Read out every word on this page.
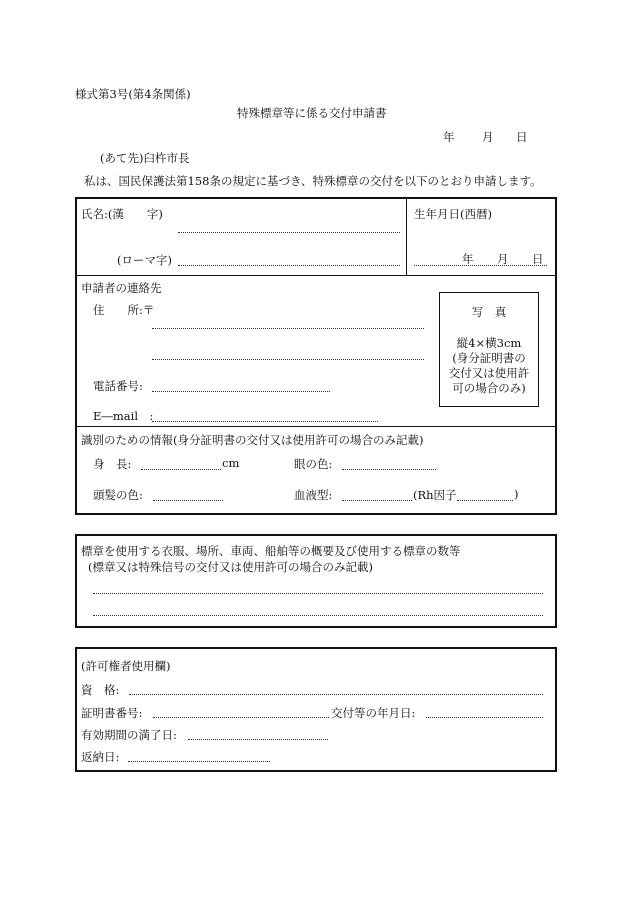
様式第3号(第4条関係)
特殊標章等に係る交付申請書
年 月 日
(あて先)臼杵市長
私は、国民保護法第158条の規定に基づき、特殊標章の交付を以下のとおり申請します。
氏名:(漢　　字)
(ローマ字)
生年月日(西暦)
年 月 日
申請者の連絡先
住　　所:〒
電話番号:
E―mail　:
写　真
縦4×横3cm
(身分証明書の
交付又は使用許
可の場合のみ)
識別のための情報(身分証明書の交付又は使用許可の場合のみ記載)
身　長:	cm	眼の色:
頭髪の色:	血液型:	(Rh因子	)
標章を使用する衣服、場所、車両、船舶等の概要及び使用する標章の数等
(標章又は特殊信号の交付又は使用許可の場合のみ記載)
(許可権者使用欄)
資　格:
証明書番号:	交付等の年月日:
有効期間の満了日:
返納日:
